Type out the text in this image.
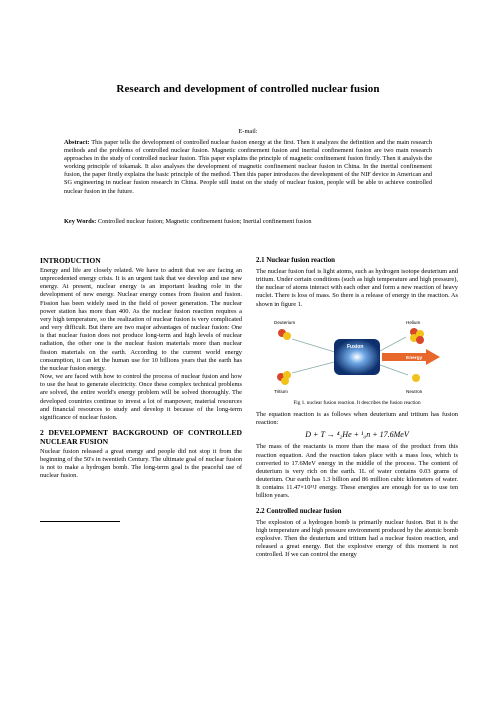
Research and development of controlled nuclear fusion
E-mail:
Abstract: This paper tells the development of controlled nuclear fusion energy at the first. Then it analyzes the definition and the main research methods and the problems of controlled nuclear fusion. Magnetic confinement fusion and inertial confinement fusion are two main research approaches in the study of controlled nuclear fusion. This paper explains the principle of magnetic confinement fusion firstly. Then it analysis the working principle of tokamak. It also analyses the development of magnetic confinement nuclear fusion in China. In the inertial confinement fusion, the paper firstly explains the basic principle of the method. Then this paper introduces the development of the NIF device in American and SG engineering in nuclear fusion research in China. People still insist on the study of nuclear fusion, people will be able to achieve controlled nuclear fusion in the future.
Key Words: Controlled nuclear fusion; Magnetic confinement fusion; Inertial confinement fusion
INTRODUCTION

Energy and life are closely related. We have to admit that we are facing an unprecedented energy crisis. It is an urgent task that we develop and use new energy. At present, nuclear energy is an important leading role in the development of new energy. Nuclear energy comes from fission and fusion. Fission has been widely used in the field of power generation. The nuclear power station has more than 400. As the nuclear fusion reaction requires a very high temperature, so the realization of nuclear fusion is very complicated and very difficult. But there are two major advantages of nuclear fusion: One is that nuclear fusion does not produce long-term and high levels of nuclear radiation, the other one is the nuclear fusion materials more than nuclear fission materials on the earth. According to the current world energy consumption, it can let the human use for 10 billions years that the earth has the nuclear fusion energy.

Now, we are faced with how to control the process of nuclear fusion and how to use the heat to generate electricity. Once these complex technical problems are solved, the entire world's energy problem will be solved thoroughly. The developed countries continue to invest a lot of manpower, material resources and financial resources to study and develop it because of the long-term significance of nuclear fusion.

2 DEVELOPMENT BACKGROUND OF CONTROLLED NUCLEAR FUSION

Nuclear fusion released a great energy and people did not stop it from the beginning of the 50's in twentieth Century. The ultimate goal of nuclear fusion is not to make a hydrogen bomb. The long-term goal is the peaceful use of nuclear fusion.

2.1 Nuclear fusion reaction

The nuclear fusion fuel is light atoms, such as hydrogen isotope deuterium and tritium. Under certain conditions (such as high temperature and high pressure), the nuclear of atoms interact with each other and form a new reaction of heavy nuclei. There is loss of mass. So there is a release of energy in the reaction. As shown in figure 1.

Deuterium	Helium
Tritium	Neutron
Fusion
Energy
Fig 1. nuclear fusion reaction. It describes the fusion reaction

The equation reaction is as follows when deuterium and tritium has fusion reaction:

D + T → ⁴₂He + ¹₀n + 17.6MeV

The mass of the reactants is more than the mass of the product from this reaction equation. And the reaction takes place with a mass loss, which is converted to 17.6MeV energy in the middle of the process. The content of deuterium is very rich on the earth. 1L of water contains 0.03 grams of deuterium. Our earth has 1.3 billion and 86 million cubic kilometers of water. It contains 11.47×10³¹J energy. These energies are enough for us to use ten billion years.

2.2 Controlled nuclear fusion

The explosion of a hydrogen bomb is primarily nuclear fusion. But it is the high temperature and high pressure environment produced by the atomic bomb explosive. Then the deuterium and tritium had a nuclear fusion reaction, and released a great energy. But the explosive energy of this moment is not controlled. If we can control the energy
